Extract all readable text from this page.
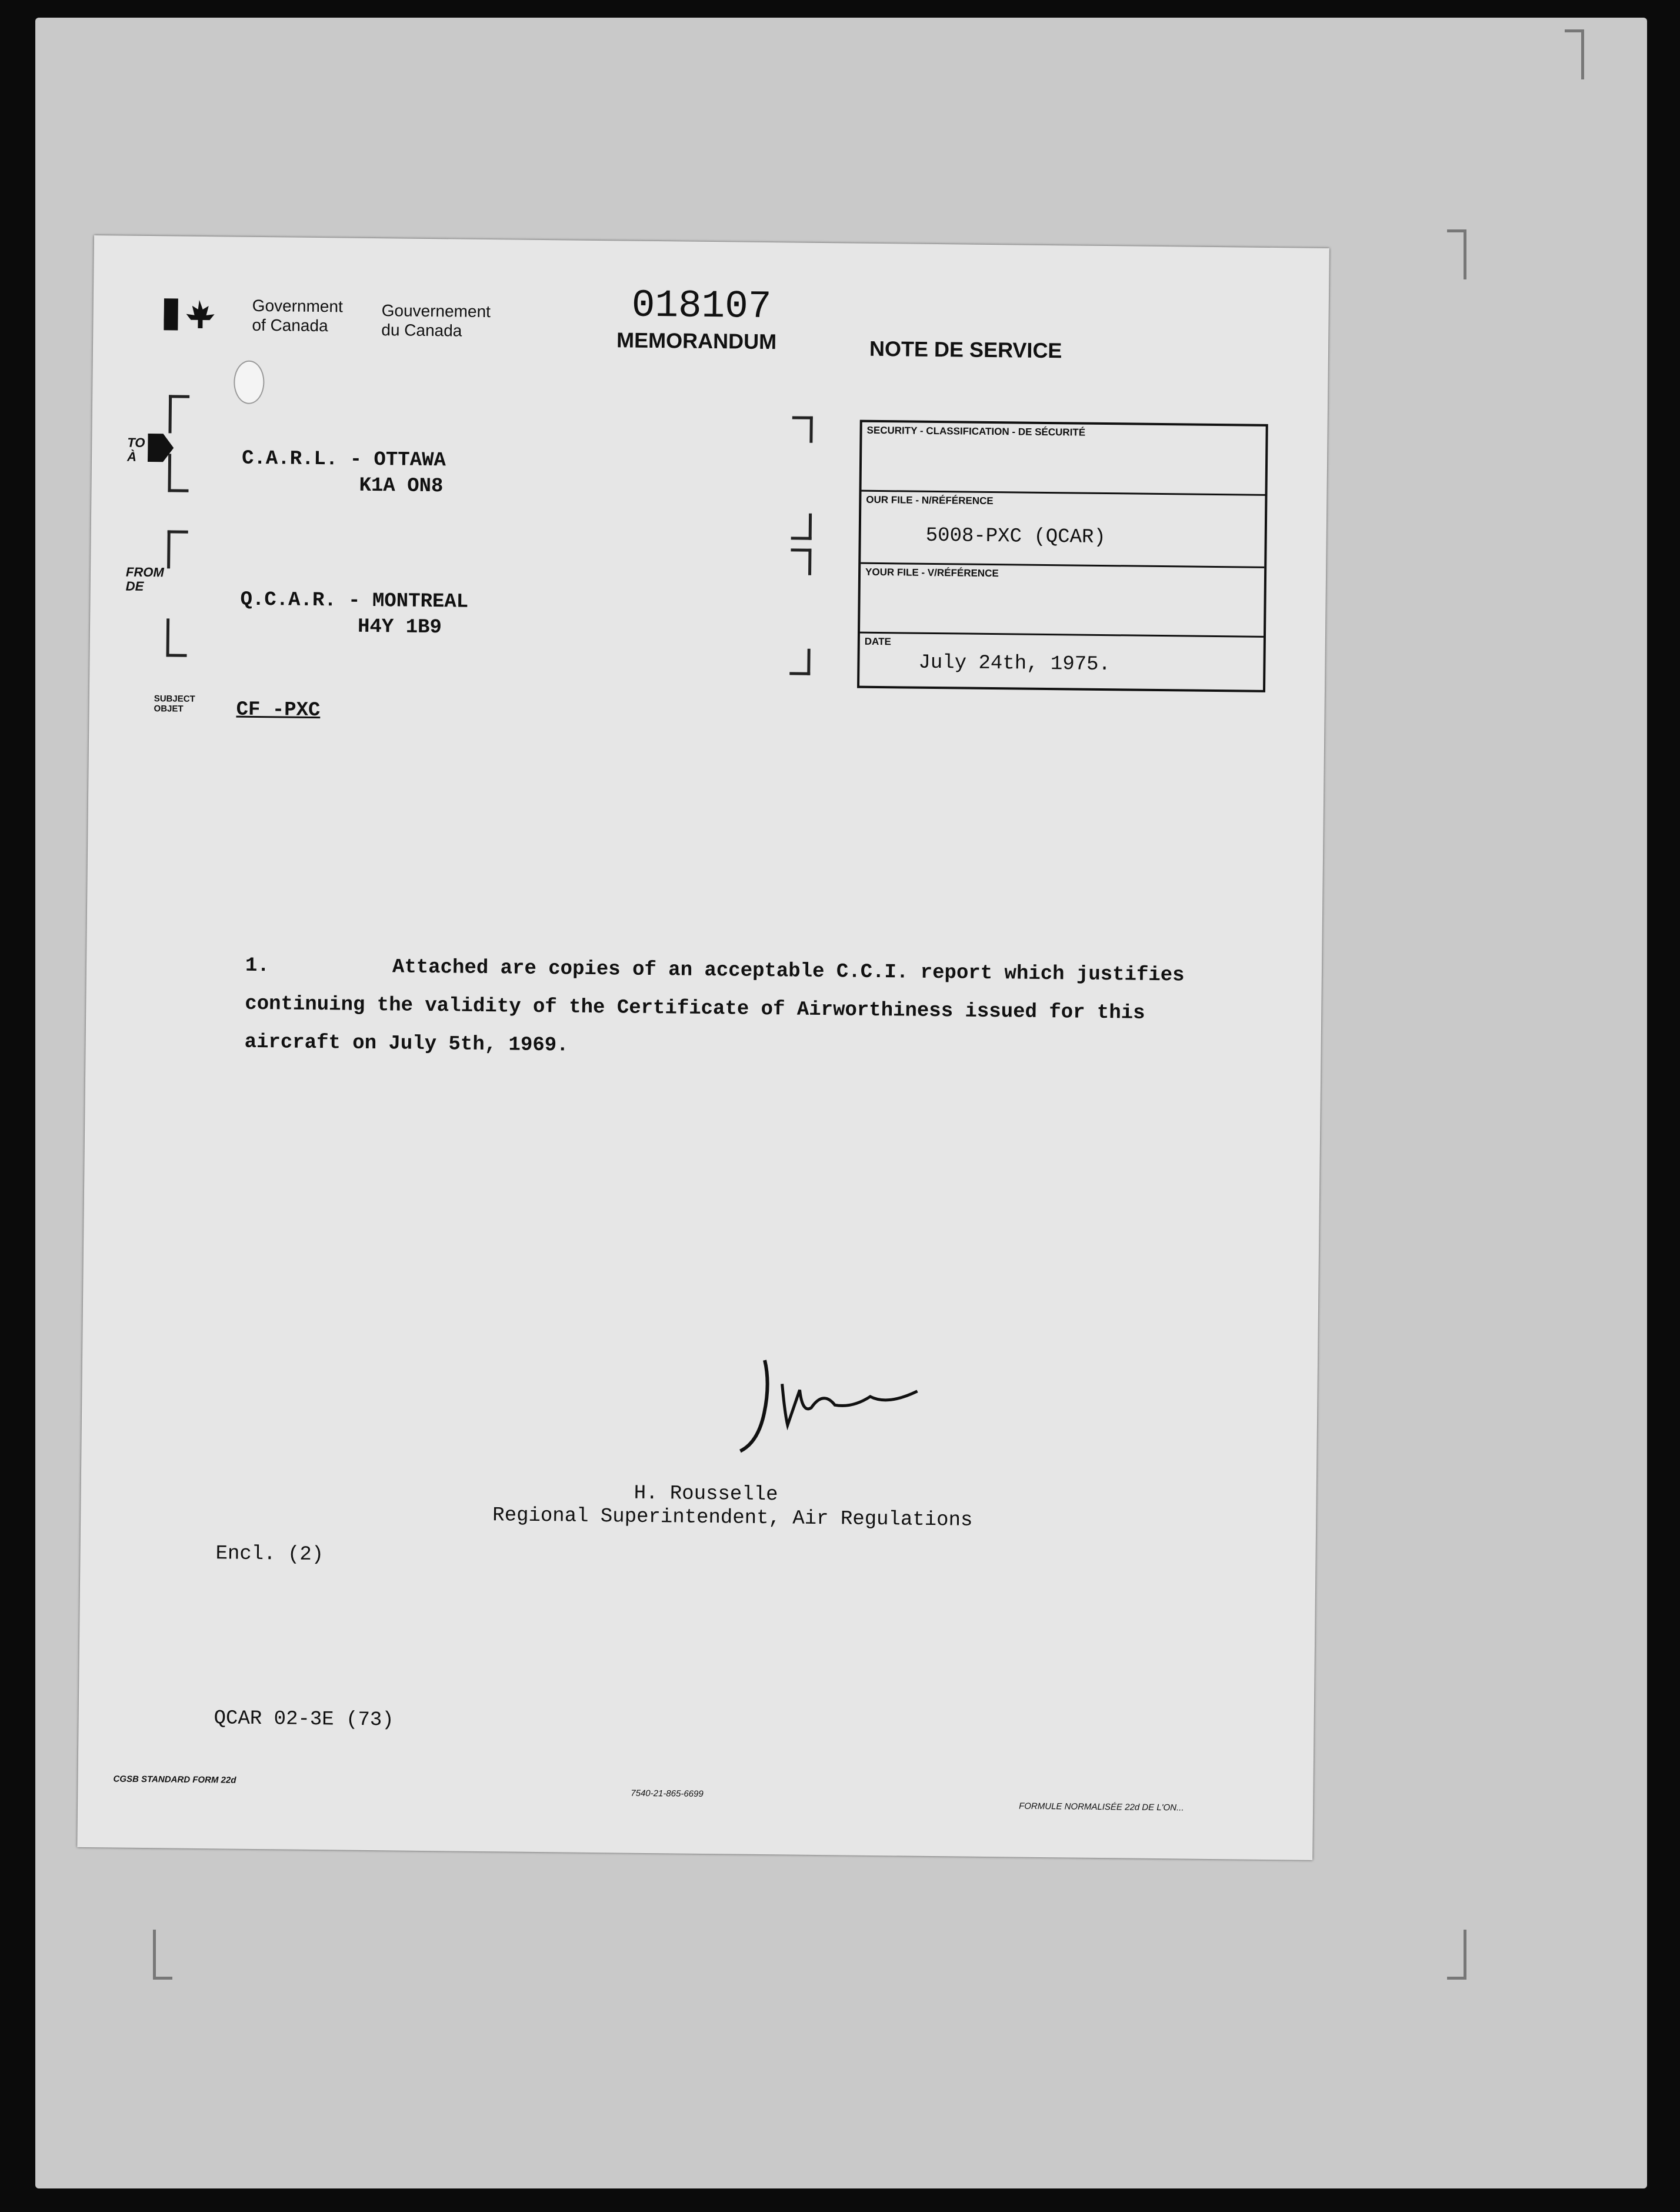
Government
of Canada
Gouvernement
du Canada
018107
MEMORANDUM	NOTE DE SERVICE
TO
À	C.A.R.L. - OTTAWA
K1A ON8
FROM
DE
Q.C.A.R. - MONTREAL
H4Y 1B9
SUBJECT
OBJET	CF -PXC
SECURITY - CLASSIFICATION - DE SÉCURITÉ
OUR FILE - N/RÉFÉRENCE
5008-PXC (QCAR)
YOUR FILE - V/RÉFÉRENCE
DATE
July 24th, 1975.
1.	Attached are copies of an acceptable C.C.I. report which justifies
continuing the validity of the Certificate of Airworthiness issued for this
aircraft on July 5th, 1969.
H. Rousselle
Regional Superintendent, Air Regulations
Encl. (2)
QCAR 02-3E (73)
CGSB STANDARD FORM 22d
7540-21-865-6699
FORMULE NORMALISÉE 22d DE L'ON...
